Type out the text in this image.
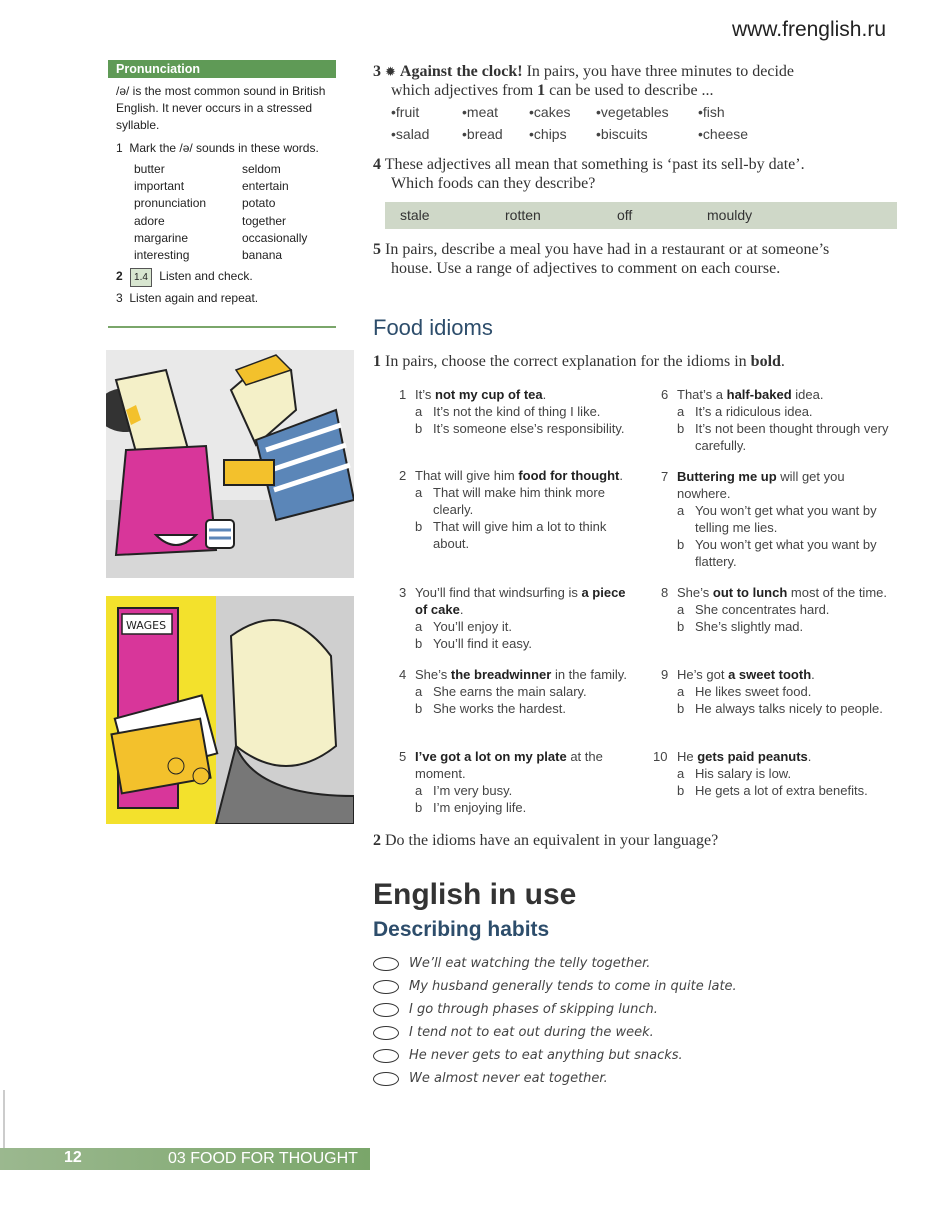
www.frenglish.ru
Pronunciation

/ə/ is the most common sound in British English. It never occurs in a stressed syllable.

1 Mark the /ə/ sounds in these words.
butter	seldom
important	entertain
pronunciation	potato
adore	together
margarine	occasionally
interesting	banana
2 1.4 Listen and check.
3 Listen again and repeat.
WAGES
3 ✹ Against the clock! In pairs, you have three minutes to decide
which adjectives from 1 can be used to describe ...
• fruit	• meat • cakes • vegetables • fish
• salad • bread • chips • biscuits	• cheese
4 These adjectives all mean that something is ‘past its sell-by date’.
Which foods can they describe?
stale	rotten	off	mouldy
5 In pairs, describe a meal you have had in a restaurant or at someone’s
house. Use a range of adjectives to comment on each course.
Food idioms
1 In pairs, choose the correct explanation for the idioms in bold.
1 It’s not my cup of tea.
a It’s not the kind of thing I like.
b It’s someone else’s responsibility.
2 That will give him food for thought.
a That will make him think more clearly.
b That will give him a lot to think about.
3 You’ll find that windsurfing is a piece of cake.
a You’ll enjoy it.
b You’ll find it easy.
4 She’s the breadwinner in the family.
a She earns the main salary.
b She works the hardest.
5 I’ve got a lot on my plate at the moment.
a I’m very busy.
b I’m enjoying life.
6 That’s a half-baked idea.
a It’s a ridiculous idea.
b It’s not been thought through very carefully.
7 Buttering me up will get you nowhere.
a You won’t get what you want by telling me lies.
b You won’t get what you want by flattery.
8 She’s out to lunch most of the time.
a She concentrates hard.
b She’s slightly mad.
9 He’s got a sweet tooth.
a He likes sweet food.
b He always talks nicely to people.
10 He gets paid peanuts.
a His salary is low.
b He gets a lot of extra benefits.
2 Do the idioms have an equivalent in your language?
English in use
Describing habits
We’ll eat watching the telly together.
My husband generally tends to come in quite late.
I go through phases of skipping lunch.
I tend not to eat out during the week.
He never gets to eat anything but snacks.
We almost never eat together.
12	03 FOOD FOR THOUGHT
